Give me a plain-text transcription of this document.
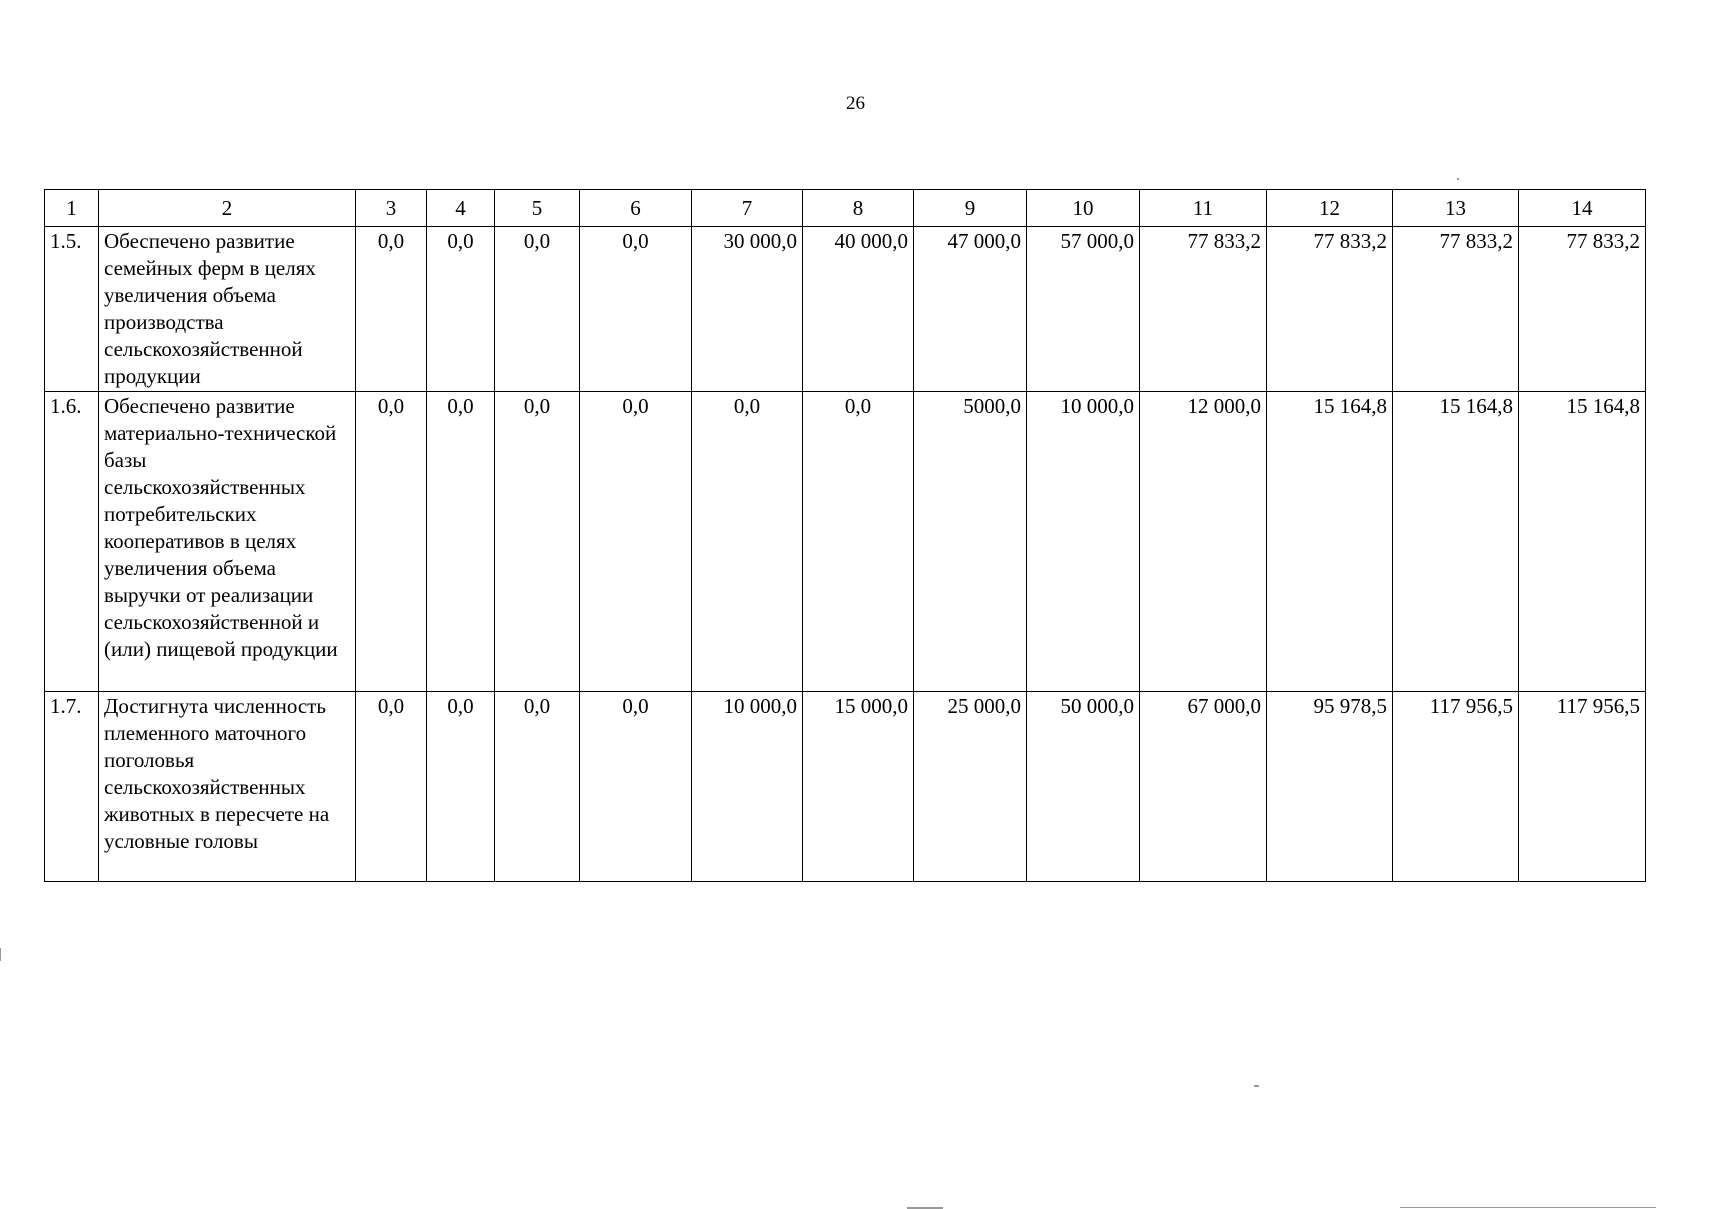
26
1	2	3	4	5	6	7	8	9	10	11	12	13	14
1.5.	Обеспечено развитие семейных ферм в целях увеличения объема производства сельскохозяйственной продукции	0,0	0,0	0,0	0,0	30 000,0	40 000,0	47 000,0	57 000,0	77 833,2	77 833,2	77 833,2	77 833,2
1.6.	Обеспечено развитие материально-технической базы сельскохозяйственных потребительских кооперативов в целях увеличения объема выручки от реализации сельскохозяйственной и (или) пищевой продукции	0,0	0,0	0,0	0,0	0,0	0,0	5000,0	10 000,0	12 000,0	15 164,8	15 164,8	15 164,8
1.7.	Достигнута численность племенного маточного поголовья сельскохозяйственных животных в пересчете на условные головы	0,0	0,0	0,0	0,0	10 000,0	15 000,0	25 000,0	50 000,0	67 000,0	95 978,5	117 956,5	117 956,5
